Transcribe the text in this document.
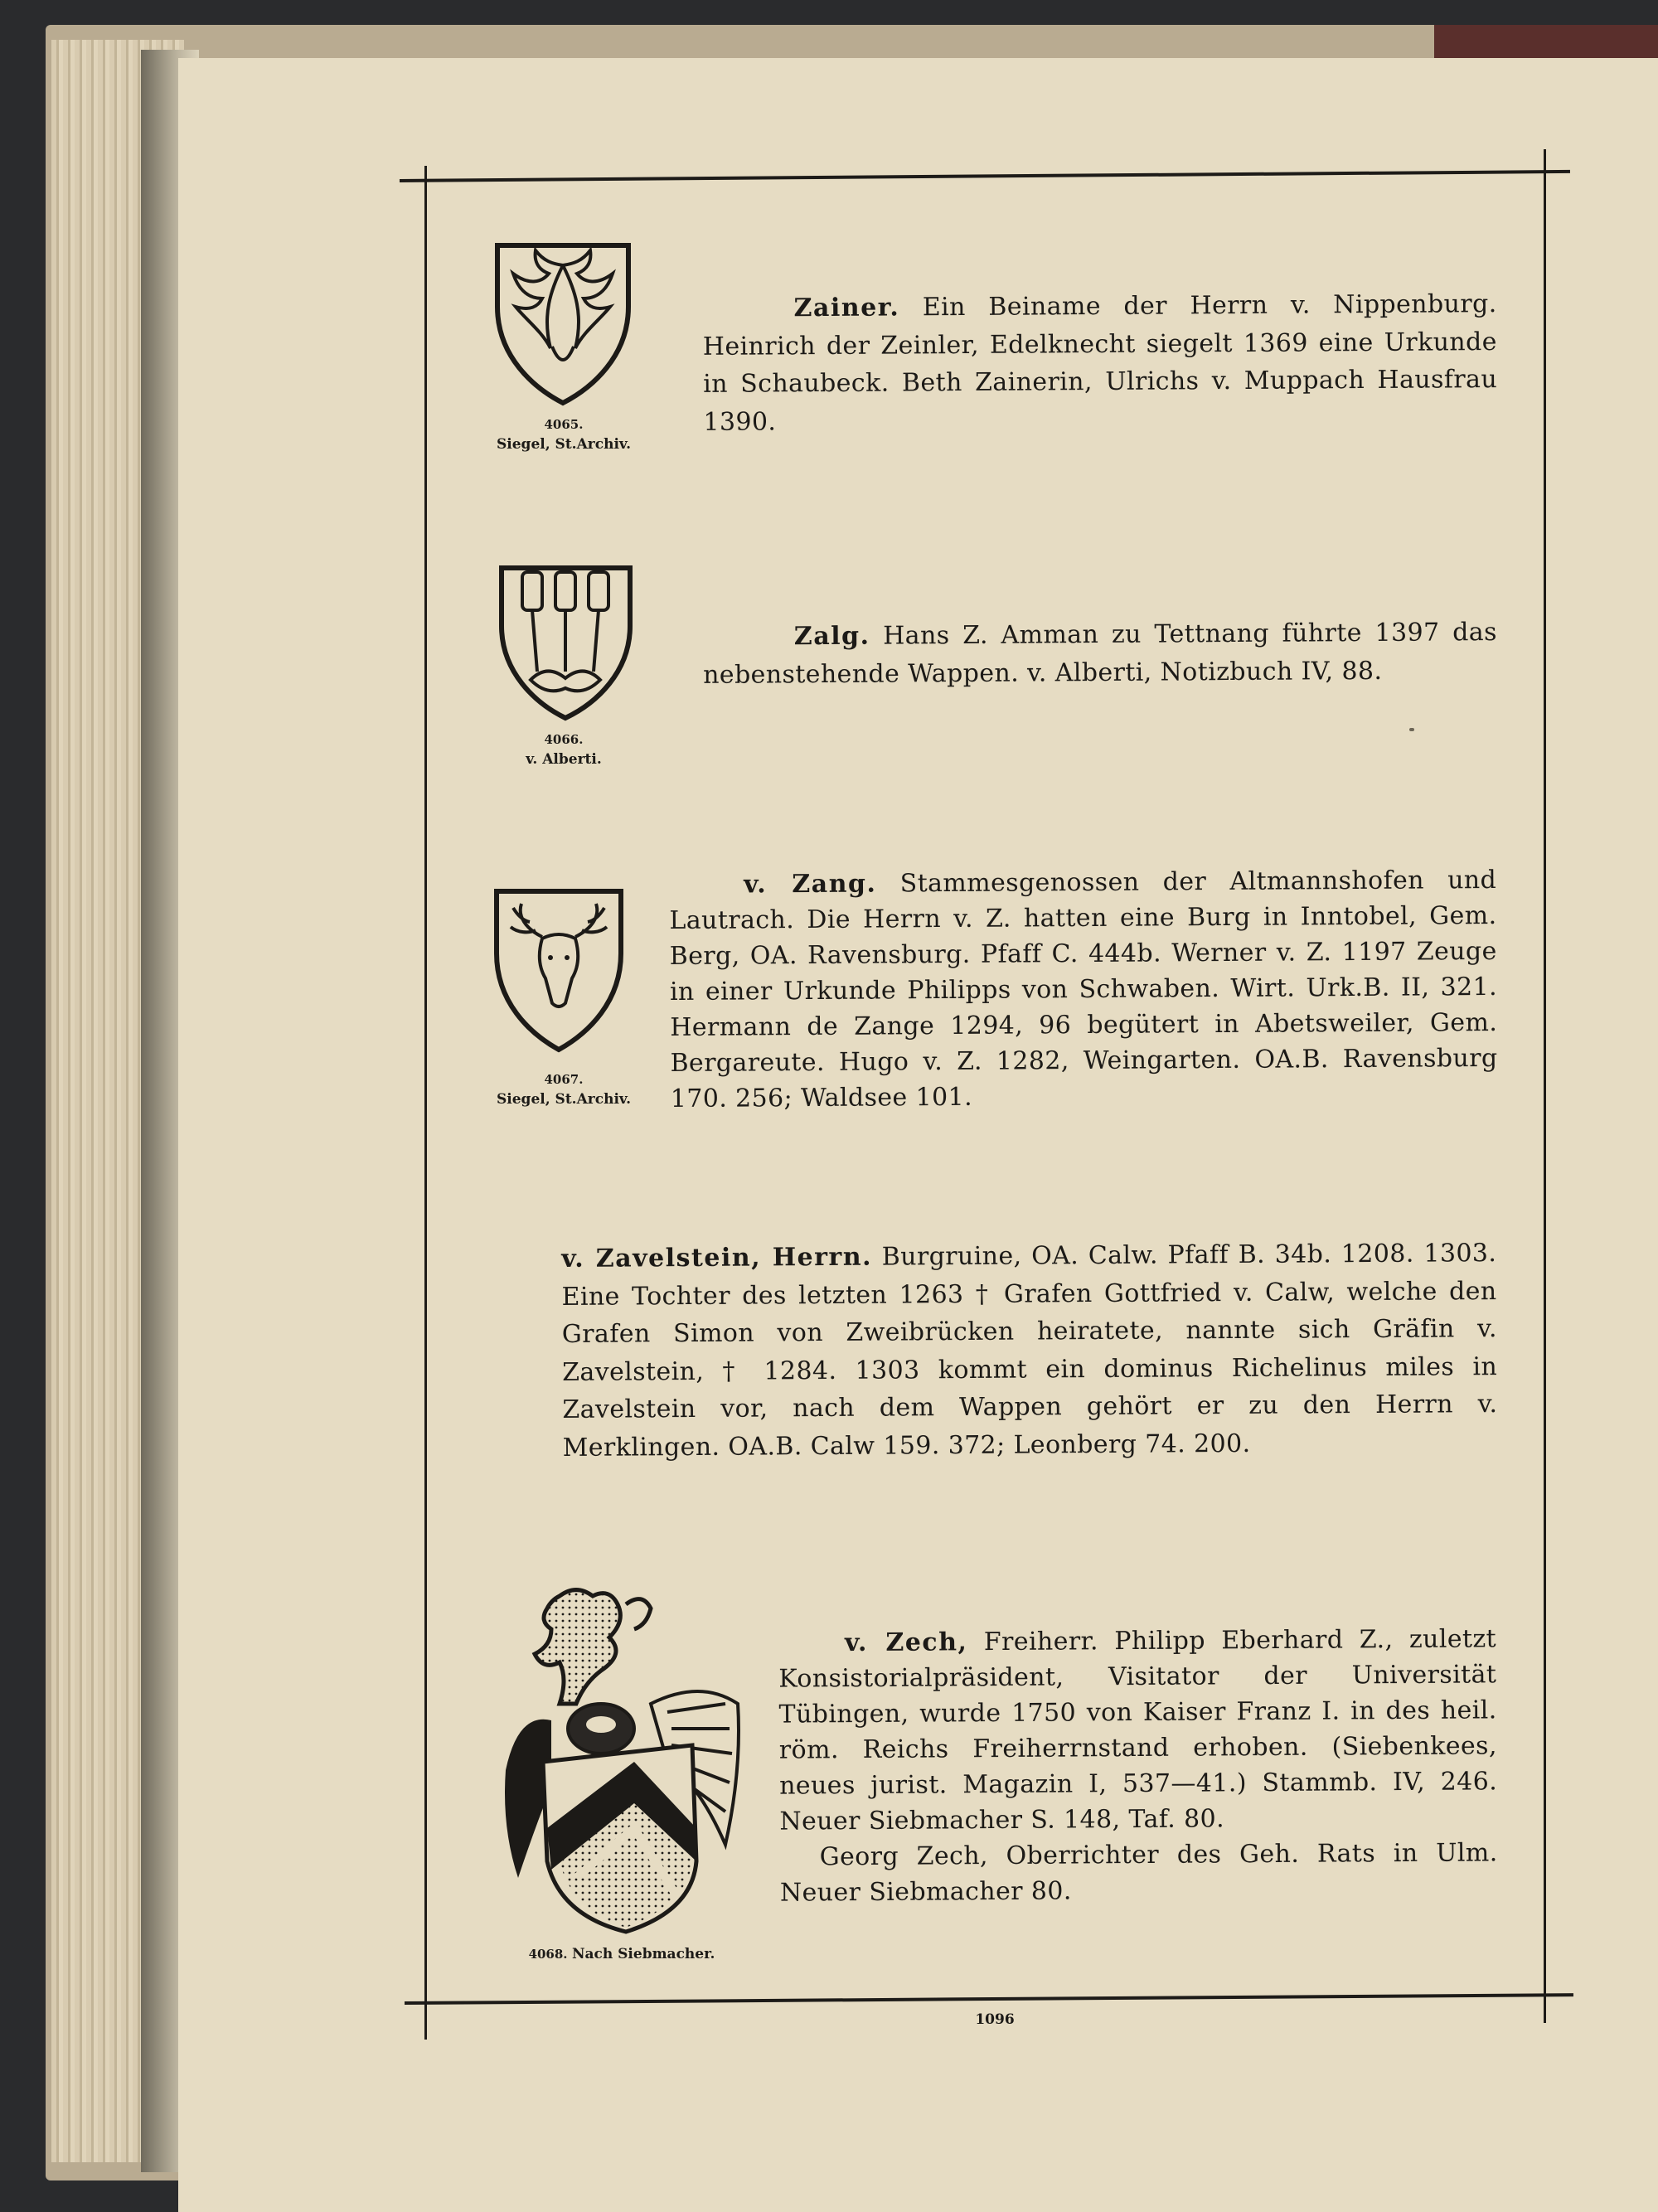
4065.
Siegel, St.Archiv.
4066.
v. Alberti.
4067.
Siegel, St.Archiv.
4068. Nach Siebmacher.

Zainer. Ein Beiname der Herrn v. Nippenburg. Heinrich der Zeinler, Edelknecht siegelt 1369 eine Urkunde in Schaubeck. Beth Zainerin, Ulrichs v. Muppach Hausfrau 1390.

Zalg. Hans Z. Amman zu Tettnang führte 1397 das nebenstehende Wappen. v. Alberti, Notizbuch IV, 88.

v. Zang. Stammesgenossen der Altmannshofen und Lautrach. Die Herrn v. Z. hatten eine Burg in Inntobel, Gem. Berg, OA. Ravensburg. Pfaff C. 444b. Werner v. Z. 1197 Zeuge in einer Urkunde Philipps von Schwaben. Wirt. Urk.B. II, 321. Hermann de Zange 1294, 96 begütert in Abetsweiler, Gem. Bergareute. Hugo v. Z. 1282, Weingarten. OA.B. Ravensburg 170. 256; Waldsee 101.

v. Zavelstein, Herrn. Burgruine, OA. Calw. Pfaff B. 34b. 1208. 1303. Eine Tochter des letzten 1263 † Grafen Gottfried v. Calw, welche den Grafen Simon von Zweibrücken heiratete, nannte sich Gräfin v. Zavelstein, † 1284. 1303 kommt ein dominus Richelinus miles in Zavelstein vor, nach dem Wappen gehört er zu den Herrn v. Merklingen. OA.B. Calw 159. 372; Leonberg 74. 200.

v. Zech, Freiherr. Philipp Eberhard Z., zuletzt Konsistorialpräsident, Visitator der Universität Tübingen, wurde 1750 von Kaiser Franz I. in des heil. röm. Reichs Freiherrnstand erhoben. (Siebenkees, neues jurist. Magazin I, 537—41.) Stammb. IV, 246. Neuer Siebmacher S. 148, Taf. 80.

Georg Zech, Oberrichter des Geh. Rats in Ulm. Neuer Siebmacher 80.

1096
